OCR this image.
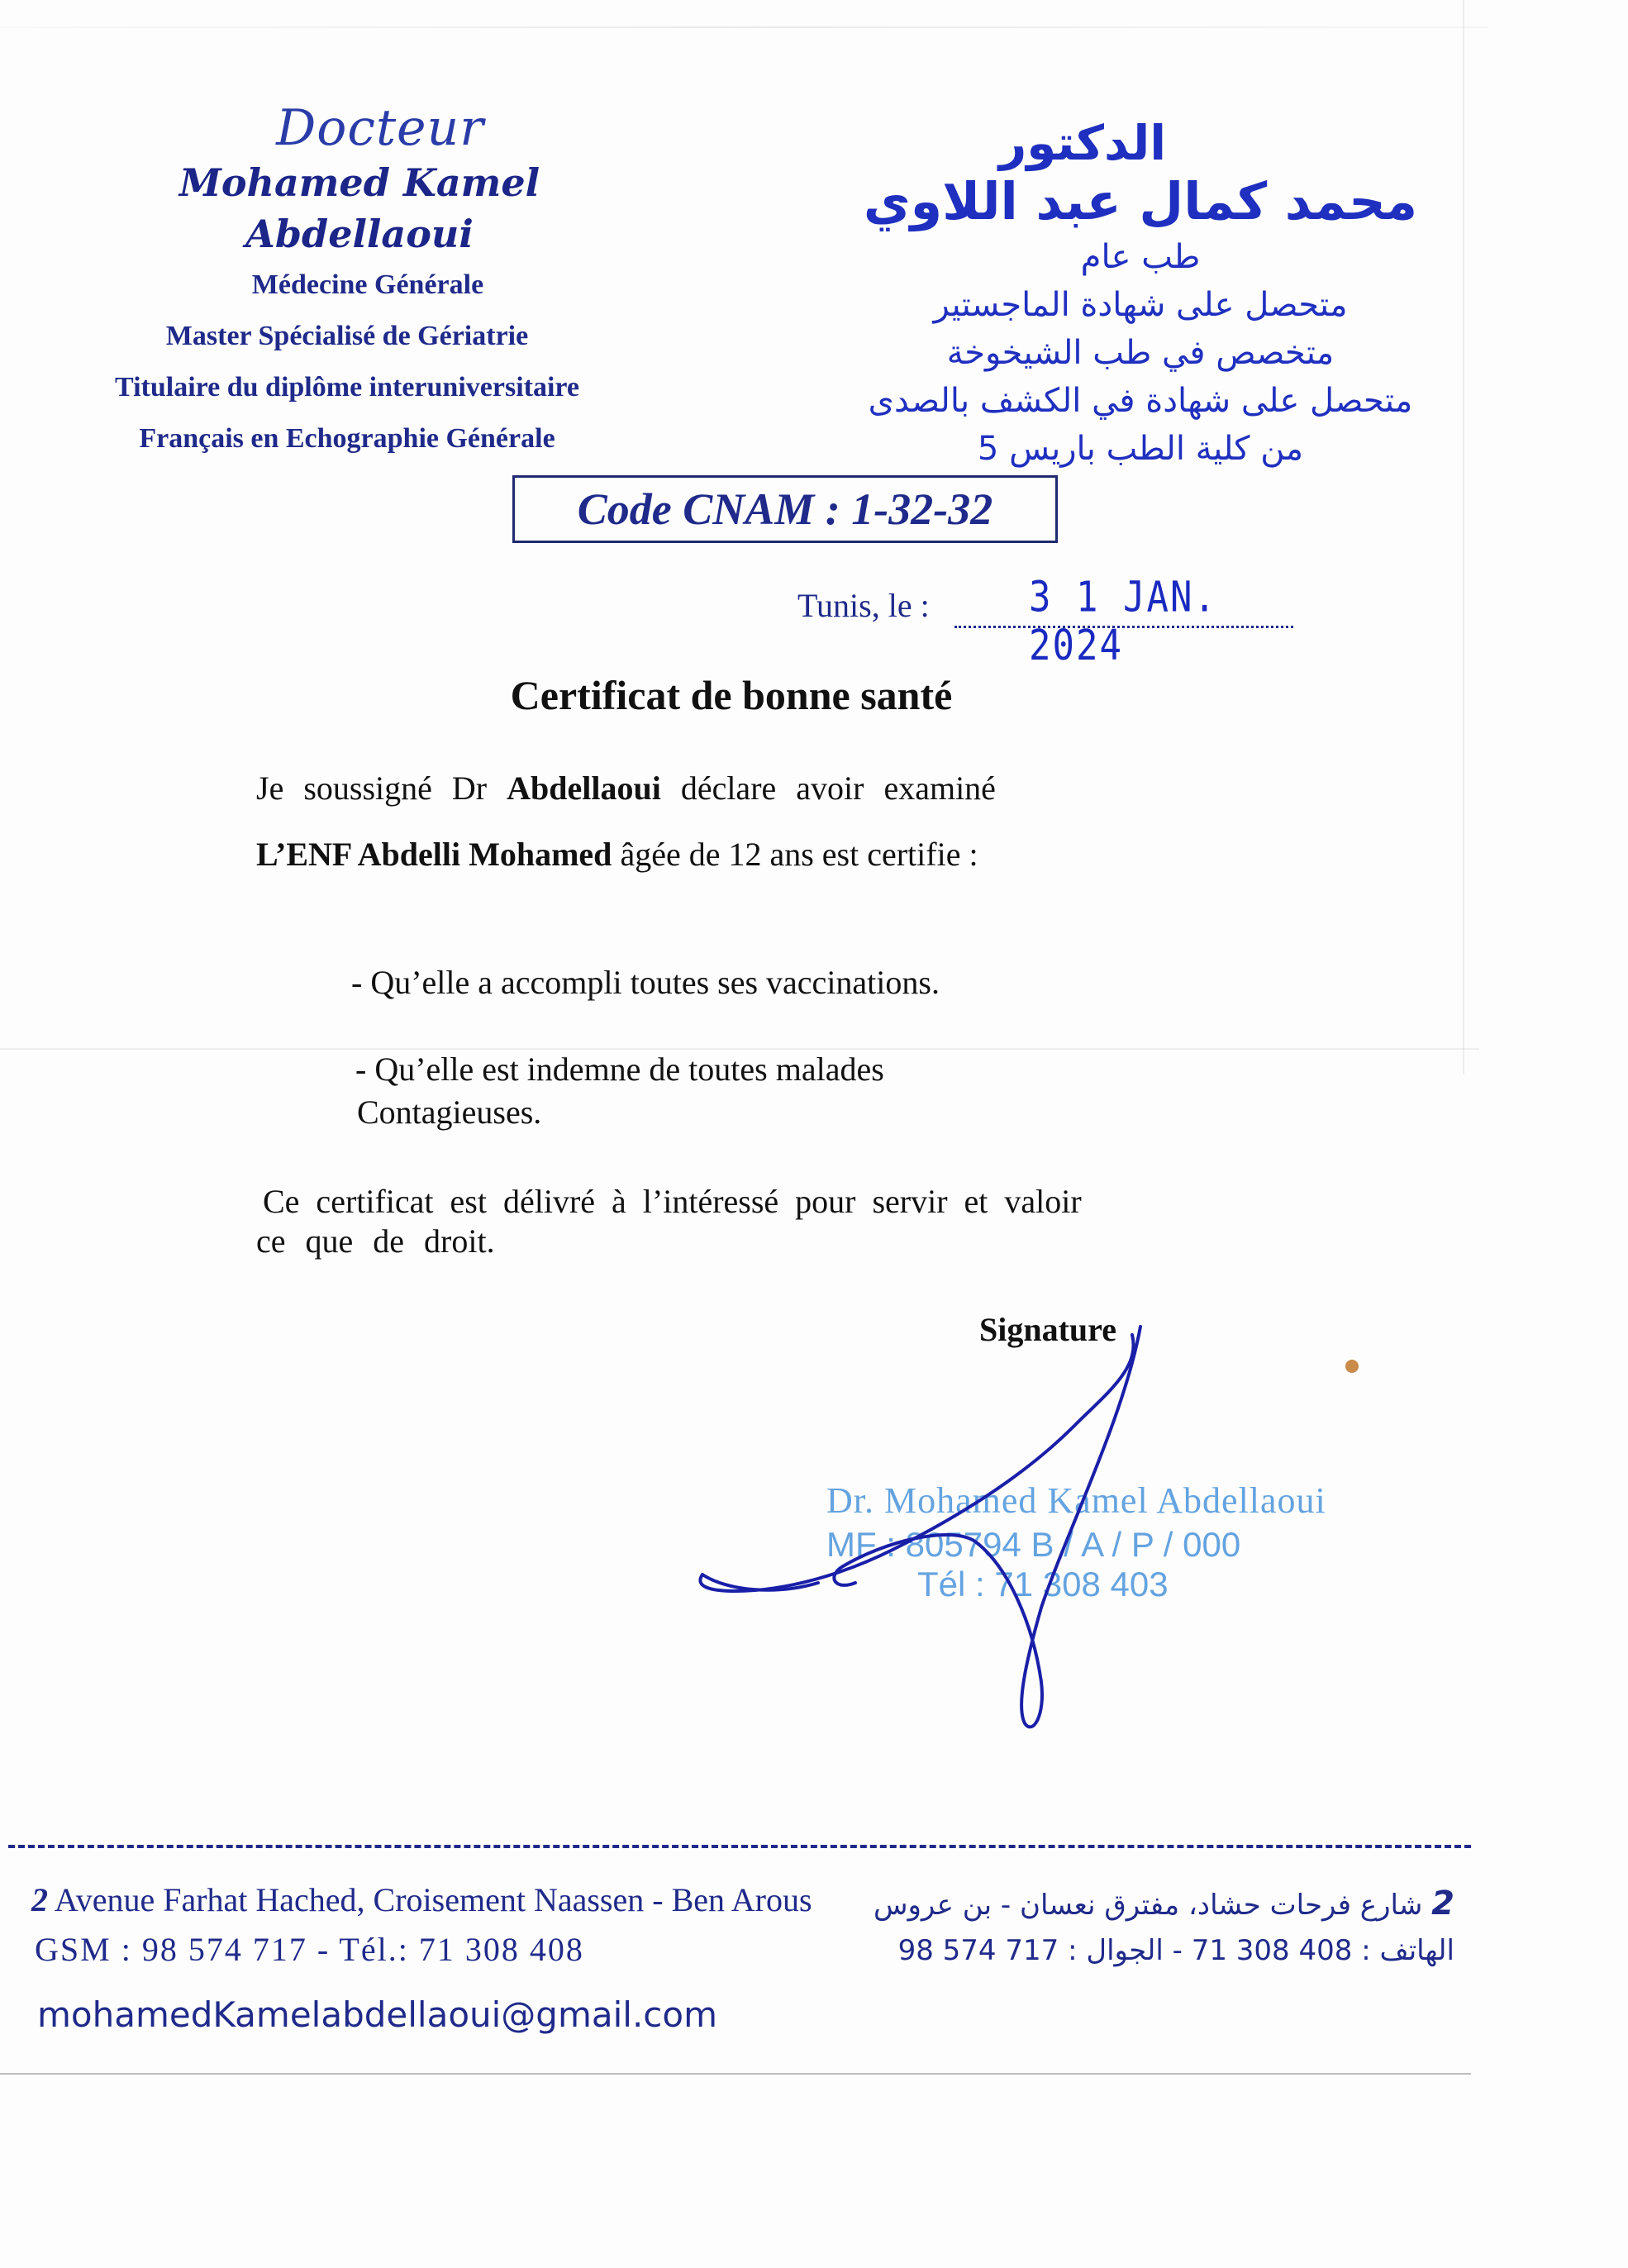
Docteur
Mohamed Kamel Abdellaoui
Médecine Générale
Master Spécialisé de Gériatrie
Titulaire du diplôme interuniversitaire
Français en Echographie Générale
الدكتور
محمد كمال عبد اللاوي
طب عام
متحصل على شهادة الماجستير
متخصص في طب الشيخوخة
متحصل على شهادة في الكشف بالصدى
من كلية الطب باريس 5
Code CNAM : 1-32-32
Tunis, le :	3 1 JAN. 2024
Certificat de bonne santé
Je soussigné Dr Abdellaoui déclare avoir examiné
L’ENF Abdelli Mohamed âgée de 12 ans est certifie :
- Qu’elle a accompli toutes ses vaccinations.
- Qu’elle est indemne de toutes malades
Contagieuses.
Ce certificat est délivré à l’intéressé pour servir et valoir
ce que de droit.
Signature
Dr. Mohamed Kamel Abdellaoui
MF : 805794 B / A / P / 000
Tél : 71 308 403
2 Avenue Farhat Hached, Croisement Naassen - Ben Arous
GSM : 98 574 717 - Tél.: 71 308 408
mohamedKamelabdellaoui@gmail.com
2 شارع فرحات حشاد، مفترق نعسان - بن عروس
الهاتف : 408 308 71 - الجوال : 717 574 98
